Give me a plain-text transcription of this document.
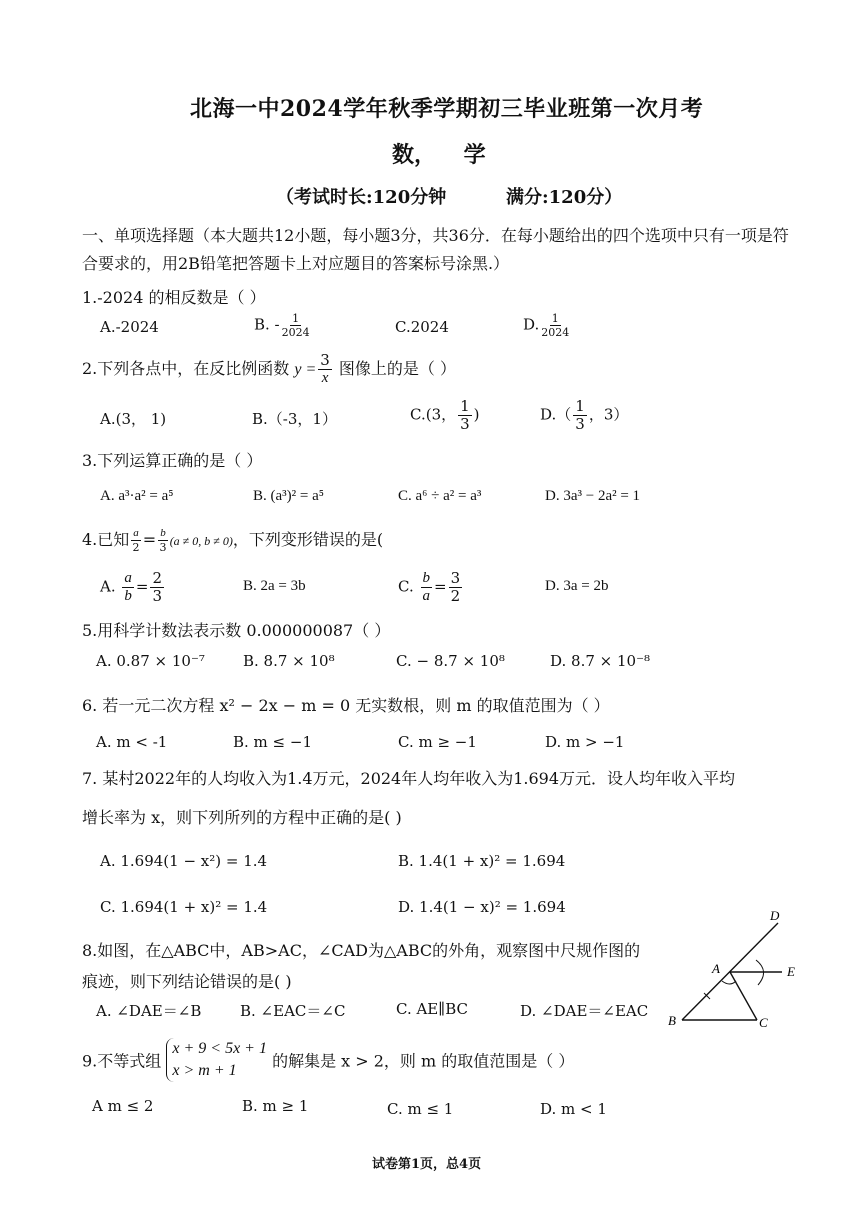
北海一中2024学年秋季学期初三毕业班第一次月考
数， 学
（考试时长:120分钟	满分:120分）
一、单项选择题（本大题共12小题，每小题3分，共36分．在每小题给出的四个选项中只有一项是符合要求的，用2B铅笔把答题卡上对应题目的答案标号涂黑.）
1.-2024 的相反数是（ ）
A.-2024	B. - $\frac{1}{2024}$	C.2024	D. $\frac{1}{2024}$
2.下列各点中，在反比例函数 $y = \frac{3}{x}$ 图像上的是（ ）
A.(3， 1)	B.（-3，1）	C.(3， $\frac{1}{3}$ )	$D.( \frac{1}{3}$ ，3）
3.下列运算正确的是（ ）
A. a³·a² = a⁵	B. (a³)² = a⁵	C. a⁶ ÷ a² = a³	D. 3a³ − 2a² = 1
4.已知 $\frac{a}{2} = \frac{b}{3} (a \ne 0$, b ≠ 0)，下列变形错误的是(
A. $\frac{a}{b} = \frac{2}{3}$	B. 2a = 3b	C. $\frac{b}{a} = \frac{3}{2}$	D. 3a = 2b
5.用科学计数法表示数 0.000000087（ ）
A. 0.87 × 10⁻⁷	B. 8.7 × 10⁸	C. − 8.7 × 10⁸	D. 8.7 × 10⁻⁸
6. 若一元二次方程 x² − 2x − m = 0 无实数根，则 m 的取值范围为（ ）
A. m < -1	B. m ≤ −1	C. m ≥ −1	D. m > −1
7. 某村2022年的人均收入为1.4万元，2024年人均年收入为1.694万元．设人均年收入平均
增长率为 x，则下列所列的方程中正确的是( )
A. 1.694(1 − x²) = 1.4	B. 1.4(1 + x)² = 1.694
C. 1.694(1 + x)² = 1.4	D. 1.4(1 − x)² = 1.694
8.如图，在△ABC中，AB>AC，∠CAD为△ABC的外角，观察图中尺规作图的
痕迹，则下列结论错误的是( )
A. ∠DAE＝∠B	B. ∠EAC＝∠C	C. AE∥BC	D. ∠DAE＝∠EAC
D
A	E
B	C
9.不等式组
x + 9 < 5x + 1
x > m + 1	的解集是 x > 2，则 m 的取值范围是（ ）
A m ≤ 2	B. m ≥ 1	C. m ≤ 1	D. m < 1
试卷第1页，总4页
